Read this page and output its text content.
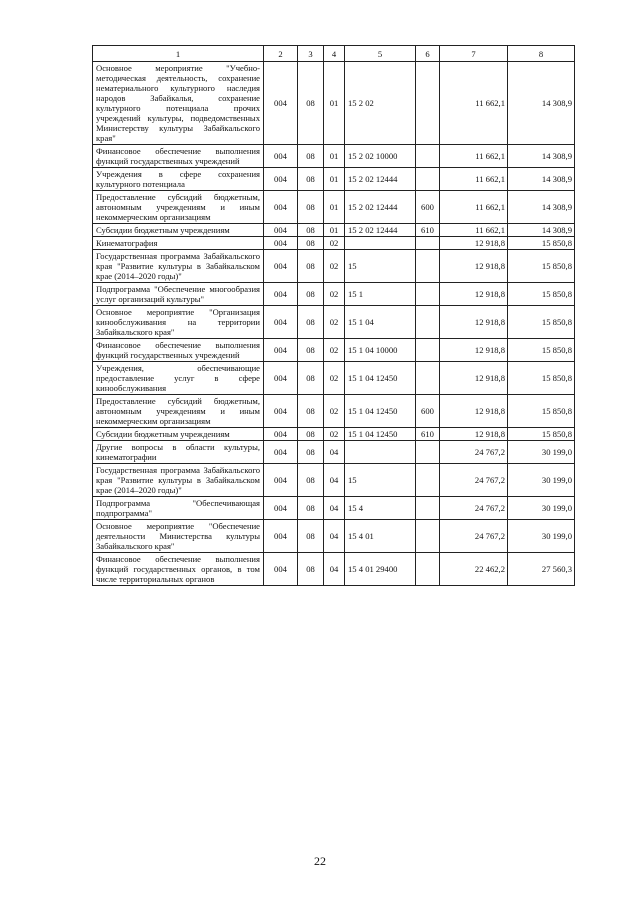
1	2	3	4	5	6	7	8
Основное мероприятие "Учебно-методическая деятельность, сохранение нематериального культурного наследия народов Забайкалья, сохранение культурного потенциала прочих учреждений культуры, подведомственных Министерству культуры Забайкальского края"	004	08	01	15 2 02		11 662,1	14 308,9
Финансовое обеспечение выполнения функций государственных учреждений	004	08	01	15 2 02 10000		11 662,1	14 308,9
Учреждения в сфере сохранения культурного потенциала	004	08	01	15 2 02 12444		11 662,1	14 308,9
Предоставление субсидий бюджетным, автономным учреждениям и иным некоммерческим организациям	004	08	01	15 2 02 12444	600	11 662,1	14 308,9
Субсидии бюджетным учреждениям	004	08	01	15 2 02 12444	610	11 662,1	14 308,9
Кинематография	004	08	02			12 918,8	15 850,8
Государственная программа Забайкальского края "Развитие культуры в Забайкальском крае (2014–2020 годы)"	004	08	02	15		12 918,8	15 850,8
Подпрограмма "Обеспечение многообразия услуг организаций культуры"	004	08	02	15 1		12 918,8	15 850,8
Основное мероприятие "Организация кинообслуживания на территории Забайкальского края"	004	08	02	15 1 04		12 918,8	15 850,8
Финансовое обеспечение выполнения функций государственных учреждений	004	08	02	15 1 04 10000		12 918,8	15 850,8
Учреждения, обеспечивающие предоставление услуг в сфере кинообслуживания	004	08	02	15 1 04 12450		12 918,8	15 850,8
Предоставление субсидий бюджетным, автономным учреждениям и иным некоммерческим организациям	004	08	02	15 1 04 12450	600	12 918,8	15 850,8
Субсидии бюджетным учреждениям	004	08	02	15 1 04 12450	610	12 918,8	15 850,8
Другие вопросы в области культуры, кинематографии	004	08	04			24 767,2	30 199,0
Государственная программа Забайкальского края "Развитие культуры в Забайкальском крае (2014–2020 годы)"	004	08	04	15		24 767,2	30 199,0
Подпрограмма "Обеспечивающая подпрограмма"	004	08	04	15 4		24 767,2	30 199,0
Основное мероприятие "Обеспечение деятельности Министерства культуры Забайкальского края"	004	08	04	15 4 01		24 767,2	30 199,0
Финансовое обеспечение выполнения функций государственных органов, в том числе территориальных органов	004	08	04	15 4 01 29400		22 462,2	27 560,3
22
